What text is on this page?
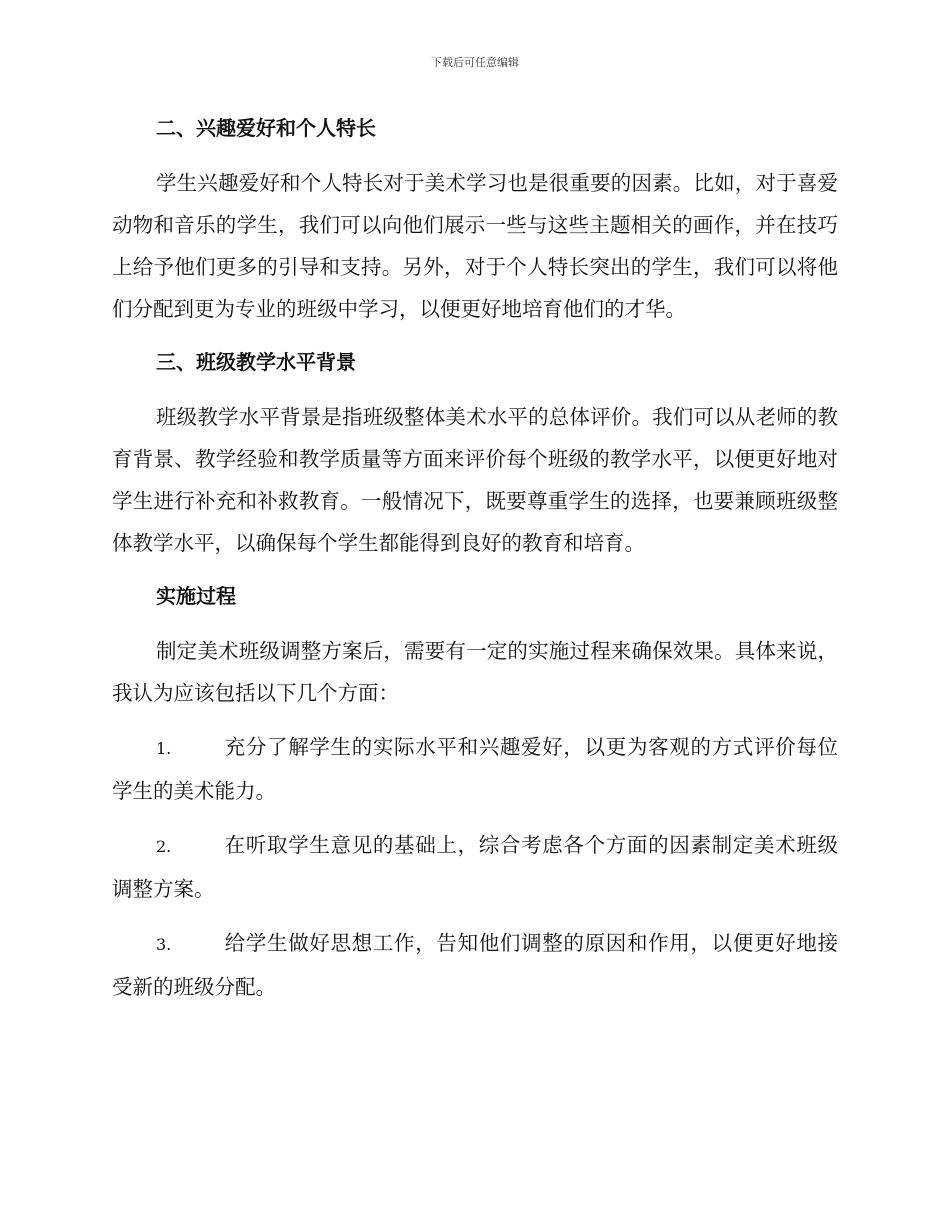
下载后可任意编辑
二、兴趣爱好和个人特长

学生兴趣爱好和个人特长对于美术学习也是很重要的因素。比如，对于喜爱动物和音乐的学生，我们可以向他们展示一些与这些主题相关的画作，并在技巧上给予他们更多的引导和支持。另外，对于个人特长突出的学生，我们可以将他们分配到更为专业的班级中学习，以便更好地培育他们的才华。

三、班级教学水平背景

班级教学水平背景是指班级整体美术水平的总体评价。我们可以从老师的教育背景、教学经验和教学质量等方面来评价每个班级的教学水平，以便更好地对学生进行补充和补救教育。一般情况下，既要尊重学生的选择，也要兼顾班级整体教学水平，以确保每个学生都能得到良好的教育和培育。

实施过程

制定美术班级调整方案后，需要有一定的实施过程来确保效果。具体来说，我认为应该包括以下几个方面：

1.	充分了解学生的实际水平和兴趣爱好，以更为客观的方式评价每位学生的美术能力。

2.	在听取学生意见的基础上，综合考虑各个方面的因素制定美术班级调整方案。

3.	给学生做好思想工作，告知他们调整的原因和作用，以便更好地接受新的班级分配。
